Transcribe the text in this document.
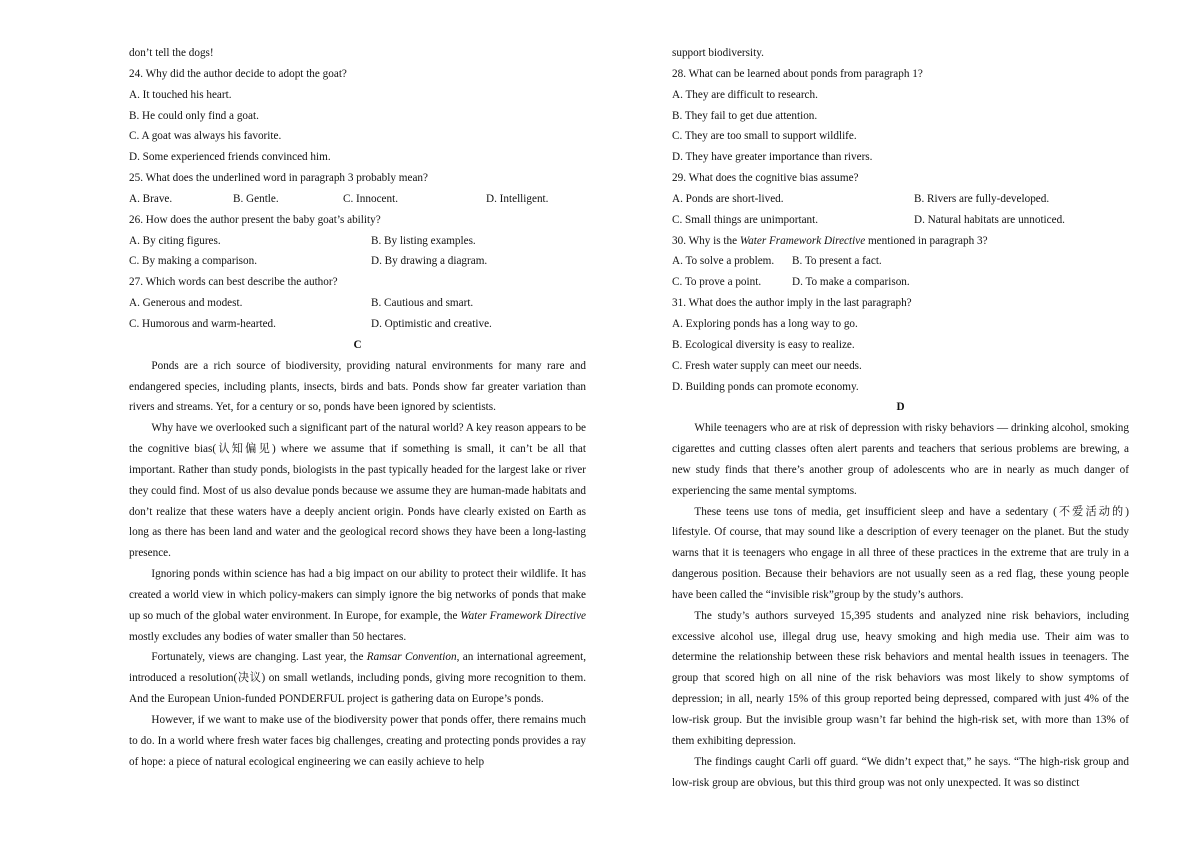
don’t tell the dogs!
24. Why did the author decide to adopt the goat?
A. It touched his heart.
B. He could only find a goat.
C. A goat was always his favorite.
D. Some experienced friends convinced him.
25. What does the underlined word in paragraph 3 probably mean?
A. Brave.	B. Gentle.	C. Innocent.	D. Intelligent.
26. How does the author present the baby goat’s ability?
A. By citing figures.	B. By listing examples.
C. By making a comparison.	D. By drawing a diagram.
27. Which words can best describe the author?
A. Generous and modest.	B. Cautious and smart.
C. Humorous and warm-hearted.	D. Optimistic and creative.
C

Ponds are a rich source of biodiversity, providing natural environments for many rare and endangered species, including plants, insects, birds and bats. Ponds show far greater variation than rivers and streams. Yet, for a century or so, ponds have been ignored by scientists.

Why have we overlooked such a significant part of the natural world? A key reason appears to be the cognitive bias(认知偏见) where we assume that if something is small, it can’t be all that important. Rather than study ponds, biologists in the past typically headed for the largest lake or river they could find. Most of us also devalue ponds because we assume they are human-made habitats and don’t realize that these waters have a deeply ancient origin. Ponds have clearly existed on Earth as long as there has been land and water and the geological record shows they have been a long-lasting presence.

Ignoring ponds within science has had a big impact on our ability to protect their wildlife. It has created a world view in which policy-makers can simply ignore the big networks of ponds that make up so much of the global water environment. In Europe, for example, the Water Framework Directive mostly excludes any bodies of water smaller than 50 hectares.

Fortunately, views are changing. Last year, the Ramsar Convention, an international agreement, introduced a resolution(决议) on small wetlands, including ponds, giving more recognition to them. And the European Union-funded PONDERFUL project is gathering data on Europe’s ponds.

However, if we want to make use of the biodiversity power that ponds offer, there remains much to do. In a world where fresh water faces big challenges, creating and protecting ponds provides a ray of hope: a piece of natural ecological engineering we can easily achieve to help

support biodiversity.
28. What can be learned about ponds from paragraph 1?
A. They are difficult to research.
B. They fail to get due attention.
C. They are too small to support wildlife.
D. They have greater importance than rivers.
29. What does the cognitive bias assume?
A. Ponds are short-lived.	B. Rivers are fully-developed.
C. Small things are unimportant.	D. Natural habitats are unnoticed.
30. Why is the Water Framework Directive mentioned in paragraph 3?
A. To solve a problem.	B. To present a fact.
C. To prove a point.	D. To make a comparison.
31. What does the author imply in the last paragraph?
A. Exploring ponds has a long way to go.
B. Ecological diversity is easy to realize.
C. Fresh water supply can meet our needs.
D. Building ponds can promote economy.
D

While teenagers who are at risk of depression with risky behaviors — drinking alcohol, smoking cigarettes and cutting classes often alert parents and teachers that serious problems are brewing, a new study finds that there’s another group of adolescents who are in nearly as much danger of experiencing the same mental symptoms.

These teens use tons of media, get insufficient sleep and have a sedentary (不爱活动的) lifestyle. Of course, that may sound like a description of every teenager on the planet. But the study warns that it is teenagers who engage in all three of these practices in the extreme that are truly in a dangerous position. Because their behaviors are not usually seen as a red flag, these young people have been called the “invisible risk”group by the study’s authors.

The study’s authors surveyed 15,395 students and analyzed nine risk behaviors, including excessive alcohol use, illegal drug use, heavy smoking and high media use. Their aim was to determine the relationship between these risk behaviors and mental health issues in teenagers. The group that scored high on all nine of the risk behaviors was most likely to show symptoms of depression; in all, nearly 15% of this group reported being depressed, compared with just 4% of the low-risk group. But the invisible group wasn’t far behind the high-risk set, with more than 13% of them exhibiting depression.

The findings caught Carli off guard. “We didn’t expect that,” he says. “The high-risk group and low-risk group are obvious, but this third group was not only unexpected. It was so distinct
